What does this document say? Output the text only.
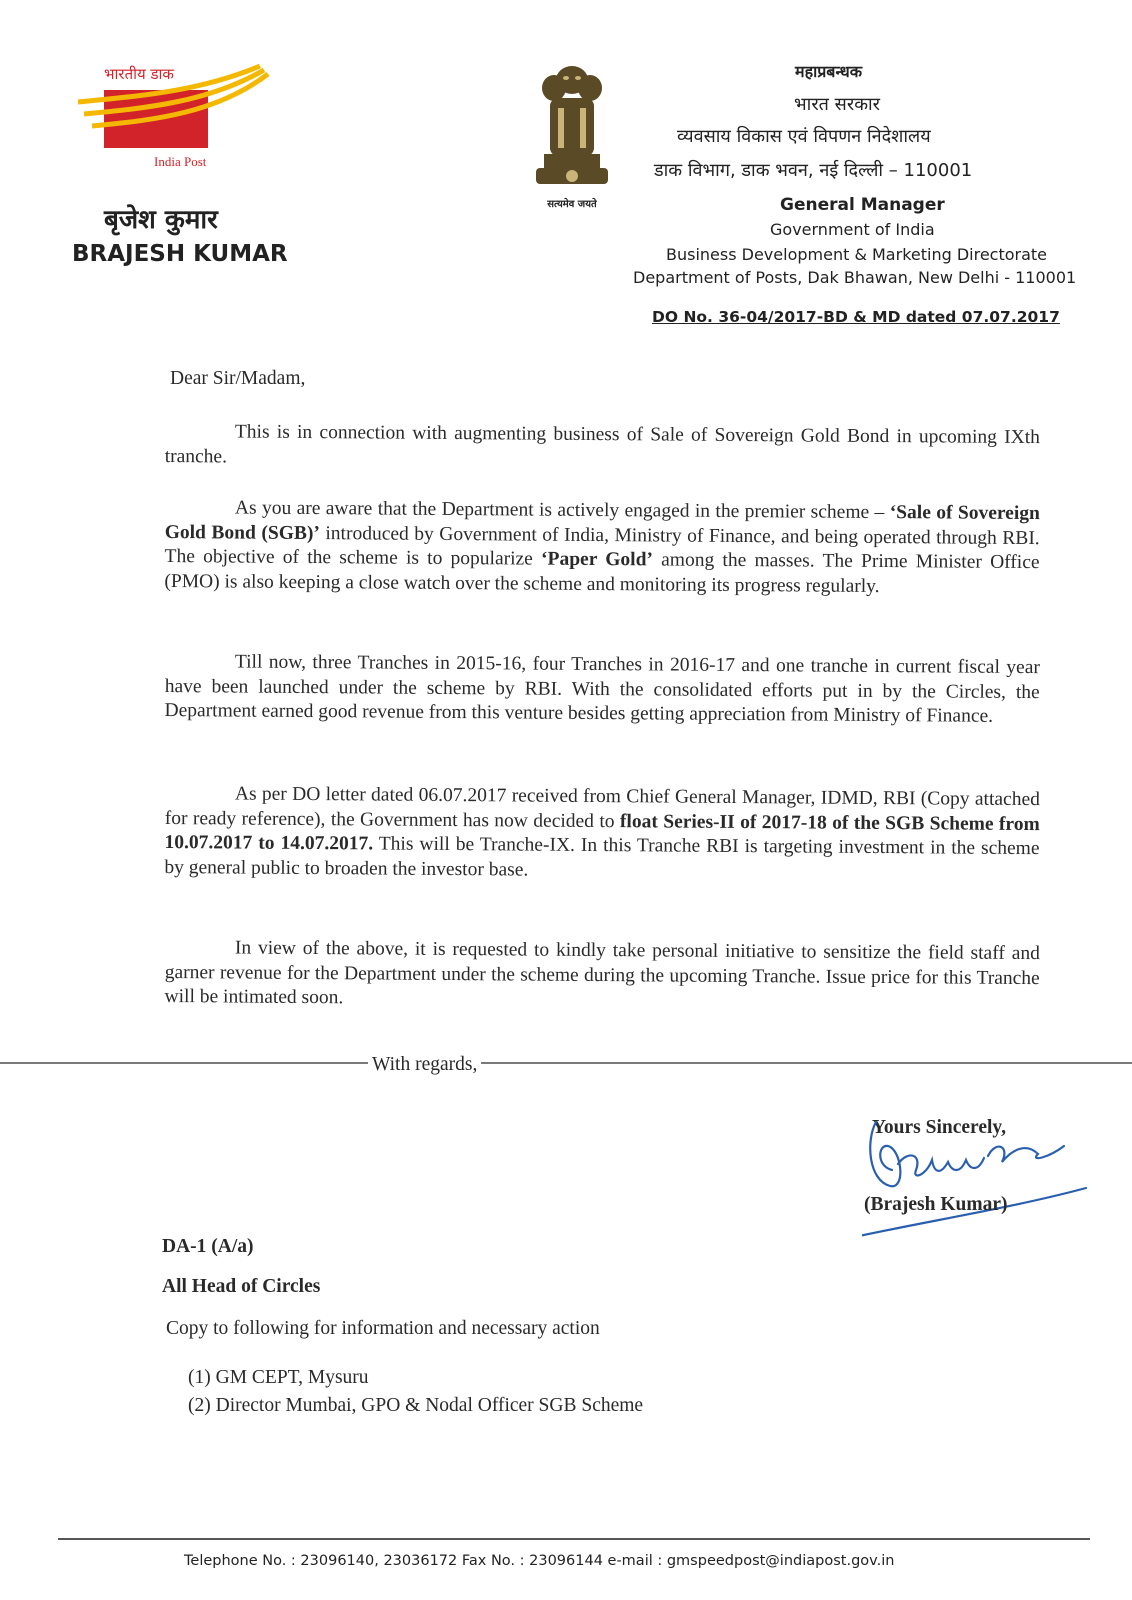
भारतीय डाक
India Post
बृजेश कुमार
BRAJESH KUMAR
सत्यमेव जयते
महाप्रबन्धक
भारत सरकार
व्यवसाय विकास एवं विपणन निदेशालय
डाक विभाग, डाक भवन, नई दिल्ली – 110001
General Manager
Government of India
Business Development & Marketing Directorate
Department of Posts, Dak Bhawan, New Delhi - 110001
DO No. 36-04/2017-BD & MD dated 07.07.2017
Dear Sir/Madam,

This is in connection with augmenting business of Sale of Sovereign Gold Bond in upcoming IXth tranche.

As you are aware that the Department is actively engaged in the premier scheme – ‘Sale of Sovereign Gold Bond (SGB)’ introduced by Government of India, Ministry of Finance, and being operated through RBI. The objective of the scheme is to popularize ‘Paper Gold’ among the masses. The Prime Minister Office (PMO) is also keeping a close watch over the scheme and monitoring its progress regularly.

Till now, three Tranches in 2015-16, four Tranches in 2016-17 and one tranche in current fiscal year have been launched under the scheme by RBI. With the consolidated efforts put in by the Circles, the Department earned good revenue from this venture besides getting appreciation from Ministry of Finance.

As per DO letter dated 06.07.2017 received from Chief General Manager, IDMD, RBI (Copy attached for ready reference), the Government has now decided to float Series-II of 2017-18 of the SGB Scheme from 10.07.2017 to 14.07.2017. This will be Tranche-IX. In this Tranche RBI is targeting investment in the scheme by general public to broaden the investor base.

In view of the above, it is requested to kindly take personal initiative to sensitize the field staff and garner revenue for the Department under the scheme during the upcoming Tranche. Issue price for this Tranche will be intimated soon.

With regards,
Yours Sincerely,
(Brajesh Kumar)
DA-1 (A/a)
All Head of Circles
Copy to following for information and necessary action
(1) GM CEPT, Mysuru
(2) Director Mumbai, GPO & Nodal Officer SGB Scheme
Telephone No. : 23096140, 23036172 Fax No. : 23096144 e-mail : gmspeedpost@indiapost.gov.in
